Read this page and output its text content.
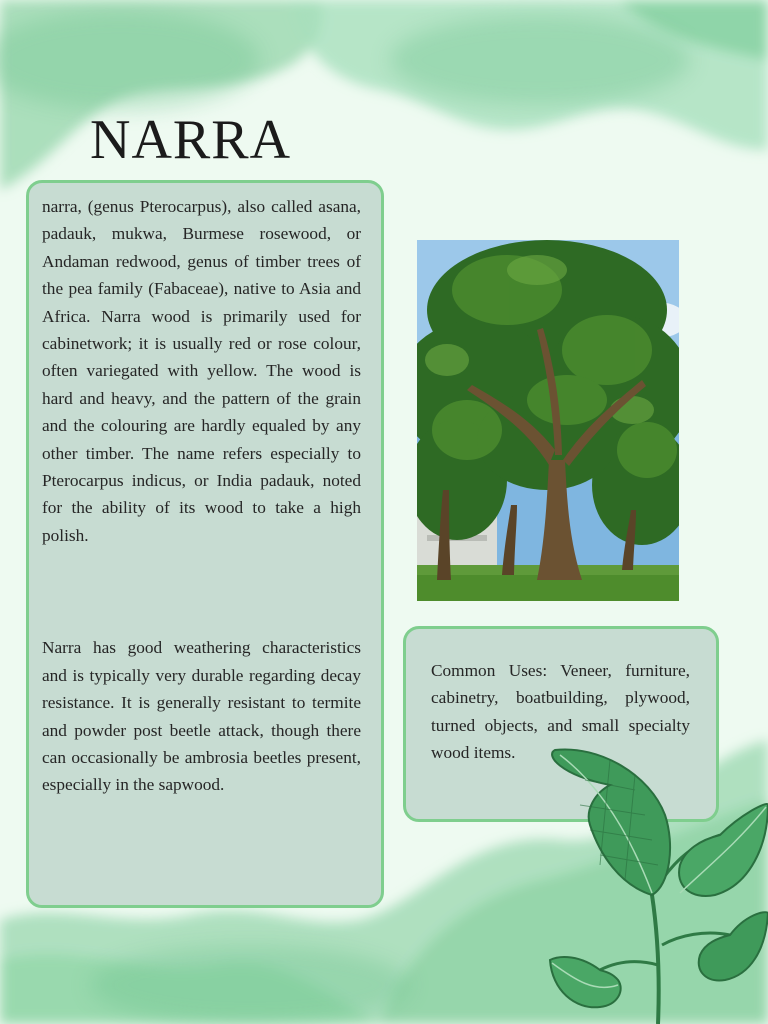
NARRA

narra, (genus Pterocarpus), also called asana, padauk, mukwa, Burmese rosewood, or Andaman redwood, genus of timber trees of the pea family (Fabaceae), native to Asia and Africa. Narra wood is primarily used for cabinetwork; it is usually red or rose colour, often variegated with yellow. The wood is hard and heavy, and the pattern of the grain and the colouring are hardly equaled by any other timber. The name refers especially to Pterocarpus indicus, or India padauk, noted for the ability of its wood to take a high polish.

Narra has good weathering characteristics and is typically very durable regarding decay resistance. It is generally resistant to termite and powder post beetle attack, though there can occasionally be ambrosia beetles present, especially in the sapwood.

Common Uses: Veneer, furniture, cabinetry, boatbuilding, plywood, turned objects, and small specialty wood items.
